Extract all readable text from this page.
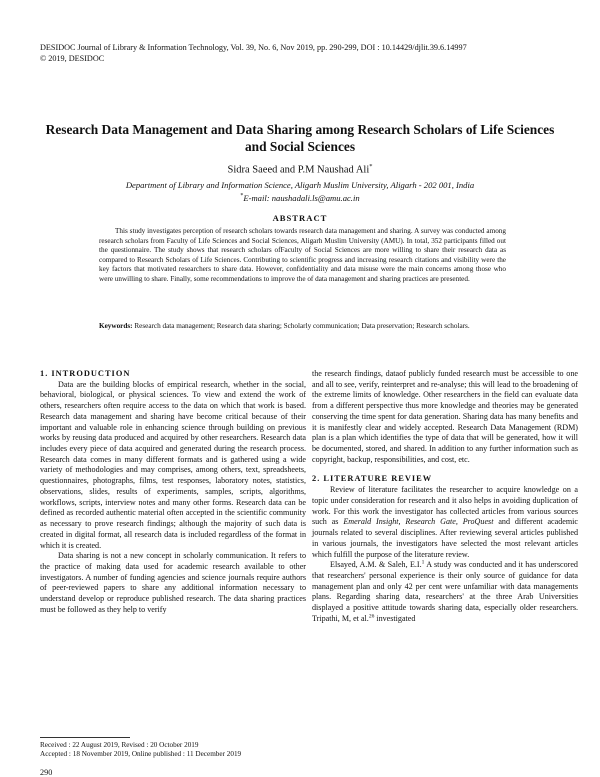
DESIDOC Journal of Library & Information Technology, Vol. 39, No. 6, Nov 2019, pp. 290-299, DOI : 10.14429/djlit.39.6.14997
© 2019, DESIDOC
Research Data Management and Data Sharing among Research Scholars of Life Sciences and Social Sciences
Sidra Saeed and P.M Naushad Ali*
Department of Library and Information Science, Aligarh Muslim University, Aligarh - 202 001, India
*E-mail: naushadali.ls@amu.ac.in
ABSTRACT
This study investigates perception of research scholars towards research data management and sharing. A survey was conducted among research scholars from Faculty of Life Sciences and Social Sciences, Aligarh Muslim University (AMU). In total, 352 participants filled out the questionnaire. The study shows that research scholars ofFaculty of Social Sciences are more willing to share their research data as compared to Research Scholars of Life Sciences. Contributing to scientific progress and increasing research citations and visibility were the key factors that motivated researchers to share data. However, confidentiality and data misuse were the main concerns among those who were unwilling to share. Finally, some recommendations to improve the of data management and sharing practices are presented.
Keywords: Research data management; Research data sharing; Scholarly communication; Data preservation; Research scholars.
1. INTRODUCTION

Data are the building blocks of empirical research, whether in the social, behavioral, biological, or physical sciences. To view and extend the work of others, researchers often require access to the data on which that work is based. Research data management and sharing have become critical because of their important and valuable role in enhancing science through building on previous works by reusing data produced and acquired by other researchers. Research data includes every piece of data acquired and generated during the research process. Research data comes in many different formats and is gathered using a wide variety of methodologies and may comprises, among others, text, spreadsheets, questionnaires, photographs, films, test responses, laboratory notes, statistics, observations, slides, results of experiments, samples, scripts, algorithms, workflows, scripts, interview notes and many other forms. Research data can be defined as recorded authentic material often accepted in the scientific community as necessary to prove research findings; although the majority of such data is created in digital format, all research data is included regardless of the format in which it is created.

Data sharing is not a new concept in scholarly communication. It refers to the practice of making data used for academic research available to other investigators. A number of funding agencies and science journals require authors of peer-reviewed papers to share any additional information necessary to understand develop or reproduce published research. The data sharing practices must be followed as they help to verify

the research findings, dataof publicly funded research must be accessible to one and all to see, verify, reinterpret and re-analyse; this will lead to the broadening of the extreme limits of knowledge. Other researchers in the field can evaluate data from a different perspective thus more knowledge and theories may be generated conserving the time spent for data generation. Sharing data has many benefits and it is manifestly clear and widely accepted. Research Data Management (RDM) plan is a plan which identifies the type of data that will be generated, how it will be documented, stored, and shared. In addition to any further information such as copyright, backup, responsibilities, and cost, etc.

2. LITERATURE REVIEW

Review of literature facilitates the researcher to acquire knowledge on a topic under consideration for research and it also helps in avoiding duplication of work. For this work the investigator has collected articles from various sources such as Emerald Insight, Research Gate, ProQuest and different academic journals related to several disciplines. After reviewing several articles published in various journals, the investigators have selected the most relevant articles which fulfill the purpose of the literature review.

Elsayed, A.M. & Saleh, E.I.$^1$ A study was conducted and it has underscored that researchers' personal experience is their only source of guidance for data management plan and only 42 per cent were unfamiliar with data managements plans. Regarding sharing data, researchers' at the three Arab Universities displayed a positive attitude towards sharing data, especially older researchers. Tripathi, M, et al.$^{26}$ investigated

Received : 22 August 2019, Revised : 20 October 2019
Accepted : 18 November 2019, Online published : 11 December 2019
290
